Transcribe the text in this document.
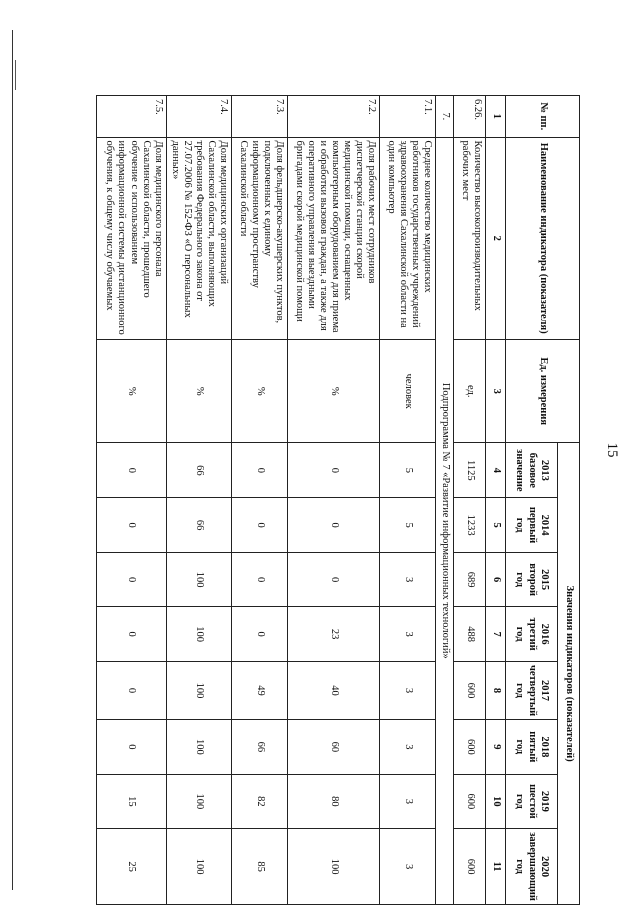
15
№ пп.	Наименование индикатора (показателя)	Ед. измерения	Значения индикаторов (показателей)							
			2013 базовое значение	2014 первый год	2015 второй год	2016 третий год	2017 четвертый год	2018 пятый год	2019 шестой год	2020 завершающий год
1	2	3	4	5	6	7	8	9	10	11
6.26.	Количество высокопроизводительных рабочих мест	ед.	1125	1233	689	488	600	600	600	600
7.	Подпрограмма № 7 «Развитие информационных технологий»									
7.1.	Среднее количество медицинских работников государственных учреждений здравоохранения Сахалинской области на один компьютер	человек	5	5	3	3	3	3	3	3
7.2.	Доля рабочих мест сотрудников диспетчерской станции скорой медицинской помощи, оснащенных компьютерным оборудованием для приема и обработки вызовов граждан, а также для оперативного управления выездными бригадами скорой медицинской помощи	%	0	0	0	23	40	60	80	100
7.3.	Доля фельдшерско-акушерских пунктов, подключенных к единому информационному пространству Сахалинской области	%	0	0	0	0	49	66	82	85
7.4.	Доля медицинских организаций Сахалинской области, выполняющих требования Федерального закона от 27.07.2006 № 152-ФЗ «О персональных данных»	%	66	66	100	100	100	100	100	100
7.5.	Доля медицинского персонала Сахалинской области, прошедшего обучение с использованием информационной системы дистанционного обучения, к общему числу обучаемых	%	0	0	0	0	0	0	15	25
